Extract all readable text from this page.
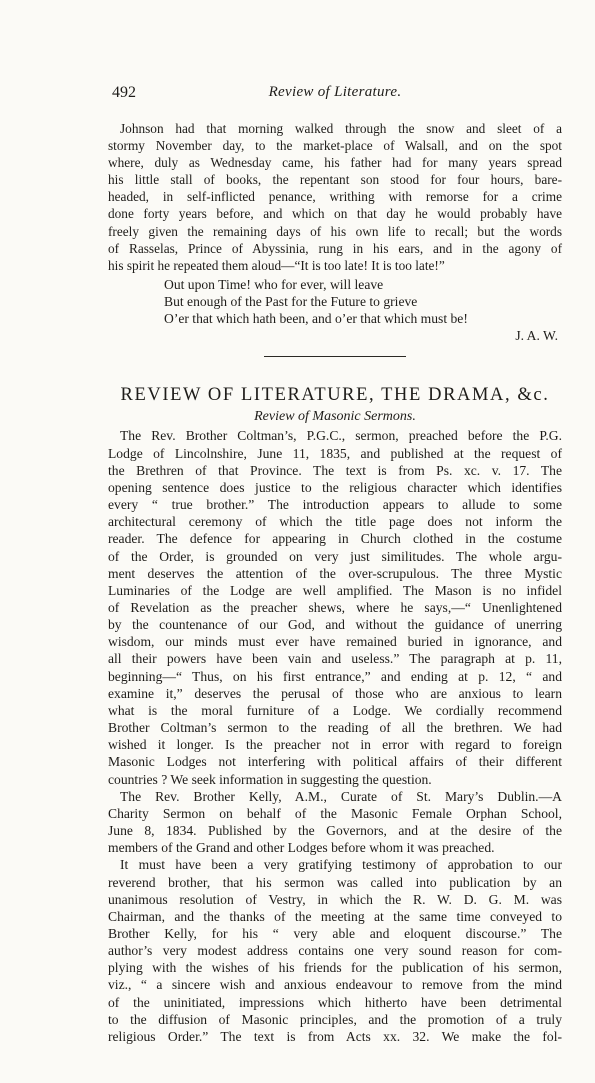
492	Review of Literature.
Johnson had that morning walked through the snow and sleet of a
stormy November day, to the market-place of Walsall, and on the spot
where, duly as Wednesday came, his father had for many years spread
his little stall of books, the repentant son stood for four hours, bare-
headed, in self-inflicted penance, writhing with remorse for a crime
done forty years before, and which on that day he would probably have
freely given the remaining days of his own life to recall; but the words
of Rasselas, Prince of Abyssinia, rung in his ears, and in the agony of
his spirit he repeated them aloud—“It is too late! It is too late!”
Out upon Time! who for ever, will leave
But enough of the Past for the Future to grieve
O’er that which hath been, and o’er that which must be!
J. A. W.
REVIEW OF LITERATURE, THE DRAMA, &c.
Review of Masonic Sermons.
The Rev. Brother Coltman’s, P.G.C., sermon, preached before the P.G.
Lodge of Lincolnshire, June 11, 1835, and published at the request of
the Brethren of that Province. The text is from Ps. xc. v. 17. The
opening sentence does justice to the religious character which identifies
every “ true brother.” The introduction appears to allude to some
architectural ceremony of which the title page does not inform the
reader. The defence for appearing in Church clothed in the costume
of the Order, is grounded on very just similitudes. The whole argu-
ment deserves the attention of the over-scrupulous. The three Mystic
Luminaries of the Lodge are well amplified. The Mason is no infidel
of Revelation as the preacher shews, where he says,—“ Unenlightened
by the countenance of our God, and without the guidance of unerring
wisdom, our minds must ever have remained buried in ignorance, and
all their powers have been vain and useless.” The paragraph at p. 11,
beginning—“ Thus, on his first entrance,” and ending at p. 12, “ and
examine it,” deserves the perusal of those who are anxious to learn
what is the moral furniture of a Lodge. We cordially recommend
Brother Coltman’s sermon to the reading of all the brethren. We had
wished it longer. Is the preacher not in error with regard to foreign
Masonic Lodges not interfering with political affairs of their different
countries ? We seek information in suggesting the question.
The Rev. Brother Kelly, A.M., Curate of St. Mary’s Dublin.—A
Charity Sermon on behalf of the Masonic Female Orphan School,
June 8, 1834. Published by the Governors, and at the desire of the
members of the Grand and other Lodges before whom it was preached.
It must have been a very gratifying testimony of approbation to our
reverend brother, that his sermon was called into publication by an
unanimous resolution of Vestry, in which the R. W. D. G. M. was
Chairman, and the thanks of the meeting at the same time conveyed to
Brother Kelly, for his “ very able and eloquent discourse.” The
author’s very modest address contains one very sound reason for com-
plying with the wishes of his friends for the publication of his sermon,
viz., “ a sincere wish and anxious endeavour to remove from the mind
of the uninitiated, impressions which hitherto have been detrimental
to the diffusion of Masonic principles, and the promotion of a truly
religious Order.” The text is from Acts xx. 32. We make the fol-
